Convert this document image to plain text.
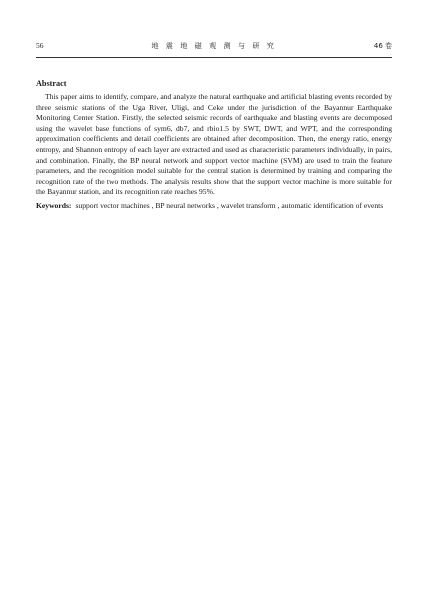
56	地 震 地 磁 观 测 与 研 究	46 卷
Abstract

This paper aims to identify, compare, and analyze the natural earthquake and artificial blasting events recorded by three seismic stations of the Uga River, Uligi, and Ceke under the jurisdiction of the Bayannur Earthquake Monitoring Center Station. Firstly, the selected seismic records of earthquake and blasting events are decomposed using the wavelet base functions of sym6, db7, and rbio1.5 by SWT, DWT, and WPT, and the corresponding approximation coefficients and detail coefficients are obtained after decomposition. Then, the energy ratio, energy entropy, and Shannon entropy of each layer are extracted and used as characteristic parameters individually, in pairs, and combination. Finally, the BP neural network and support vector machine (SVM) are used to train the feature parameters, and the recognition model suitable for the central station is determined by training and comparing the recognition rate of the two methods. The analysis results show that the support vector machine is more suitable for the Bayannur station, and its recognition rate reaches 95%.

Keywords: support vector machines , BP neural networks , wavelet transform , automatic identification of events
